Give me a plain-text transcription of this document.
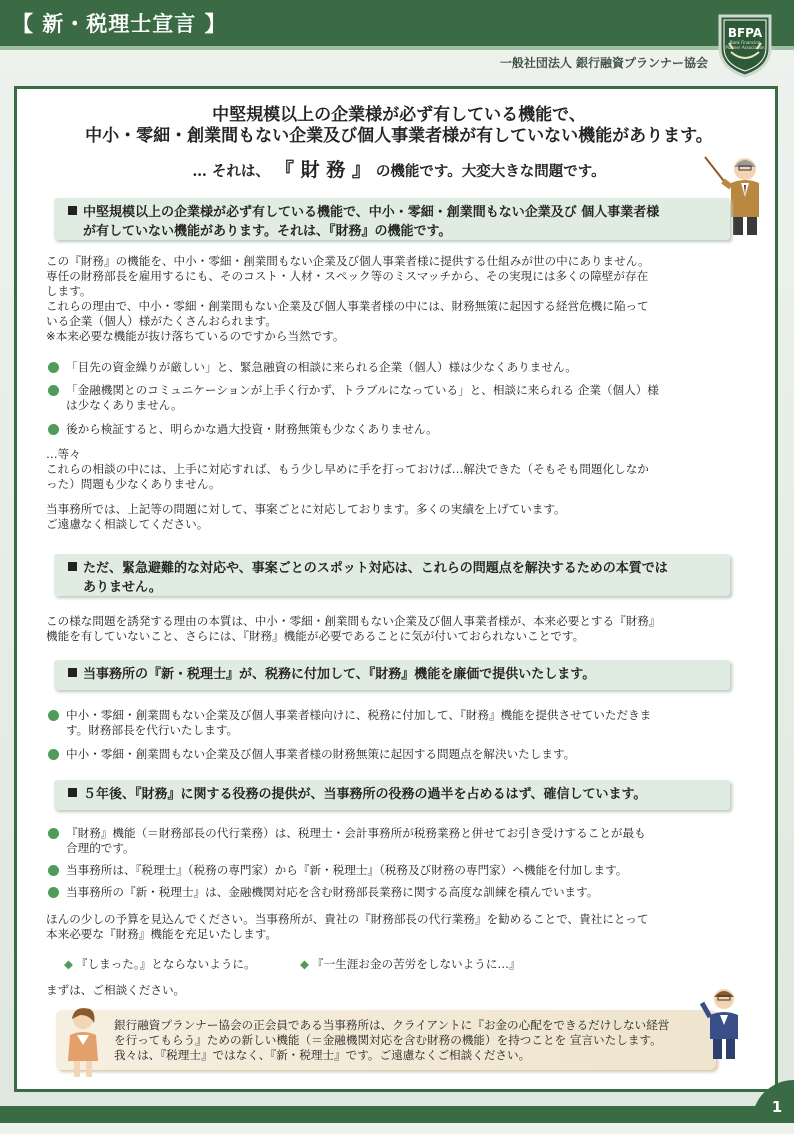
【 新・税理士宣言 】
一般社団法人 銀行融資プランナー協会
BFPA
Bank Financing Planner Association
中堅規模以上の企業様が必ず有している機能で、
中小・零細・創業間もない企業及び個人事業者様が有していない機能があります。
… それは、 『 財 務 』 の機能です。大変大きな問題です。
中堅規模以上の企業様が必ず有している機能で、中小・零細・創業間もない企業及び 個人事業者様
が有していない機能があります。それは、『財務』の機能です。
この『財務』の機能を、中小・零細・創業間もない企業及び個人事業者様に提供する仕組みが世の中にありません。
専任の財務部長を雇用するにも、そのコスト・人材・スペック等のミスマッチから、その実現には多くの障壁が存在
します。
これらの理由で、中小・零細・創業間もない企業及び個人事業者様の中には、財務無策に起因する経営危機に陥って
いる企業（個人）様がたくさんおられます。
※本来必要な機能が抜け落ちているのですから当然です。
「目先の資金繰りが厳しい」と、緊急融資の相談に来られる企業（個人）様は少なくありません。
「金融機関とのコミュニケーションが上手く行かず、トラブルになっている」と、相談に来られる 企業（個人）様
は少なくありません。
後から検証すると、明らかな過大投資・財務無策も少なくありません。
…等々
これらの相談の中には、上手に対応すれば、もう少し早めに手を打っておけば…解決できた（そもそも問題化しなか
った）問題も少なくありません。
当事務所では、上記等の問題に対して、事案ごとに対応しております。多くの実績を上げています。
ご遠慮なく相談してください。
ただ、緊急避難的な対応や、事案ごとのスポット対応は、これらの問題点を解決するための本質では
ありません。
この様な問題を誘発する理由の本質は、中小・零細・創業間もない企業及び個人事業者様が、本来必要とする『財務』
機能を有していないこと、さらには、『財務』機能が必要であることに気が付いておられないことです。
当事務所の『新・税理士』が、税務に付加して、『財務』機能を廉価で提供いたします。
中小・零細・創業間もない企業及び個人事業者様向けに、税務に付加して、『財務』機能を提供させていただきま
す。財務部長を代行いたします。
中小・零細・創業間もない企業及び個人事業者様の財務無策に起因する問題点を解決いたします。
５年後、『財務』に関する役務の提供が、当事務所の役務の過半を占めるはず、確信しています。
『財務』機能（＝財務部長の代行業務）は、税理士・会計事務所が税務業務と併せてお引き受けすることが最も
合理的です。
当事務所は、『税理士』（税務の専門家）から『新・税理士』（税務及び財務の専門家）へ機能を付加します。
当事務所の『新・税理士』は、金融機関対応を含む財務部長業務に関する高度な訓練を積んでいます。
ほんの少しの予算を見込んでください。当事務所が、貴社の『財務部長の代行業務』を勧めることで、貴社にとって
本来必要な『財務』機能を充足いたします。
◆ 『しまった。』とならないように。	◆ 『一生涯お金の苦労をしないように…』
まずは、ご相談ください。
銀行融資プランナー協会の正会員である当事務所は、クライアントに『お金の心配をできるだけしない経営
を行ってもらう』ための新しい機能（＝金融機関対応を含む財務の機能）を持つことを 宣言いたします。
我々は、『税理士』ではなく、『新・税理士』です。ご遠慮なくご相談ください。
1
